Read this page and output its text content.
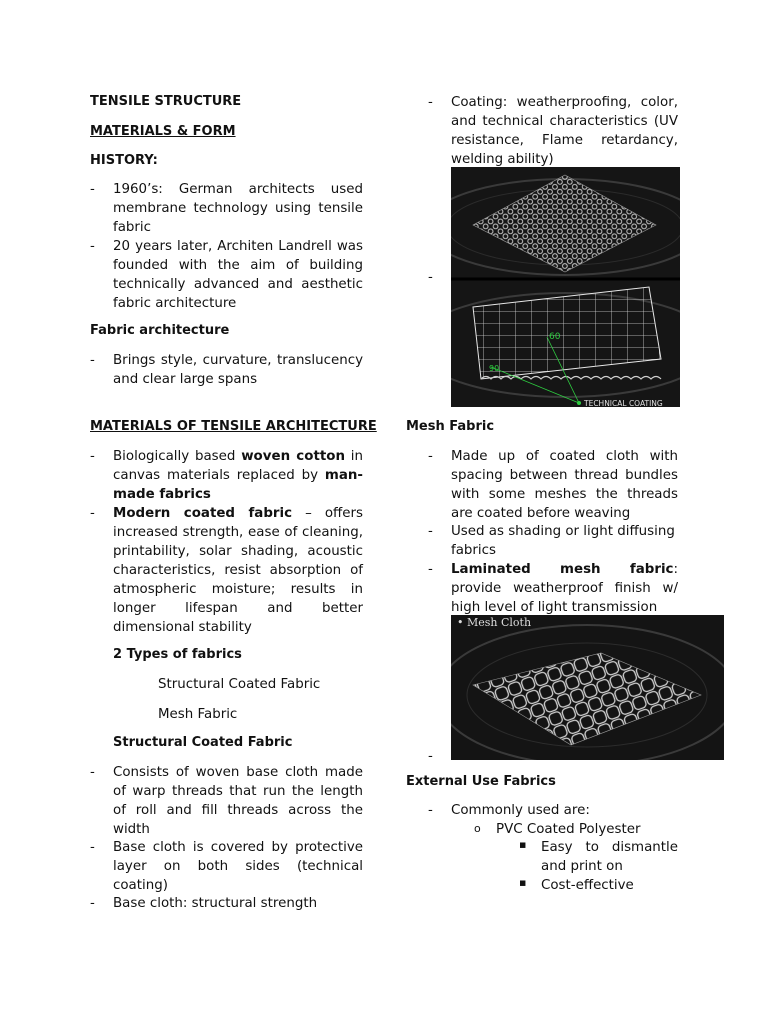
TENSILE STRUCTURE
MATERIALS & FORM
HISTORY:
- 1960’s: German architects used membrane technology using tensile fabric
- 20 years later, Architen Landrell was founded with the aim of building technically advanced and aesthetic fabric architecture
Fabric architecture
- Brings style, curvature, translucency and clear large spans
MATERIALS OF TENSILE ARCHITECTURE
- Biologically based woven cotton in canvas materials replaced by man-made fabrics
- Modern coated fabric – offers increased strength, ease of cleaning, printability, solar shading, acoustic characteristics, resist absorption of atmospheric moisture; results in longer lifespan and better dimensional stability
2 Types of fabrics
Structural Coated Fabric
Mesh Fabric
Structural Coated Fabric
- Consists of woven base cloth made of warp threads that run the length of roll and fill threads across the width
- Base cloth is covered by protective layer on both sides (technical coating)
- Base cloth: structural strength
- Coating: weatherproofing, color, and technical characteristics (UV resistance, Flame retardancy, welding ability)
60
90
TECHNICAL COATING
-
Mesh Fabric
- Made up of coated cloth with spacing between thread bundles with some meshes the threads are coated before weaving
- Used as shading or light diffusing fabrics
- Laminated mesh fabric: provide weatherproof finish w/ high level of light transmission
• Mesh Cloth
-
External Use Fabrics
- Commonly used are:
o PVC Coated Polyester
▪ Easy to dismantle and print on
▪ Cost-effective
